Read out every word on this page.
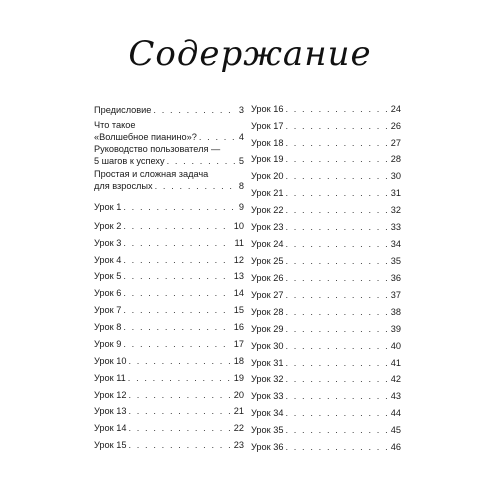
Содержание
Предисловие . . .	3
Что такое
«Волшебное пианино»? . . .	4
Руководство пользователя —
5 шагов к успеху . . .	5
Простая и сложная задача
для взрослых . . .	8
Урок 1 . . .	9
Урок 2 . . .	10
Урок 3 . . .	11
Урок 4 . . .	12
Урок 5 . . .	13
Урок 6 . . .	14
Урок 7 . . .	15
Урок 8 . . .	16
Урок 9 . . .	17
Урок 10 . . .	18
Урок 11 . . .	19
Урок 12 . . .	20
Урок 13 . . .	21
Урок 14 . . .	22
Урок 15 . . .	23
Урок 16 . . .	24
Урок 17 . . .	26
Урок 18 . . .	27
Урок 19 . . .	28
Урок 20 . . .	30
Урок 21 . . .	31
Урок 22 . . .	32
Урок 23 . . .	33
Урок 24 . . .	34
Урок 25 . . .	35
Урок 26 . . .	36
Урок 27 . . .	37
Урок 28 . . .	38
Урок 29 . . .	39
Урок 30 . . .	40
Урок 31 . . .	41
Урок 32 . . .	42
Урок 33 . . .	43
Урок 34 . . .	44
Урок 35 . . .	45
Урок 36 . . .	46
